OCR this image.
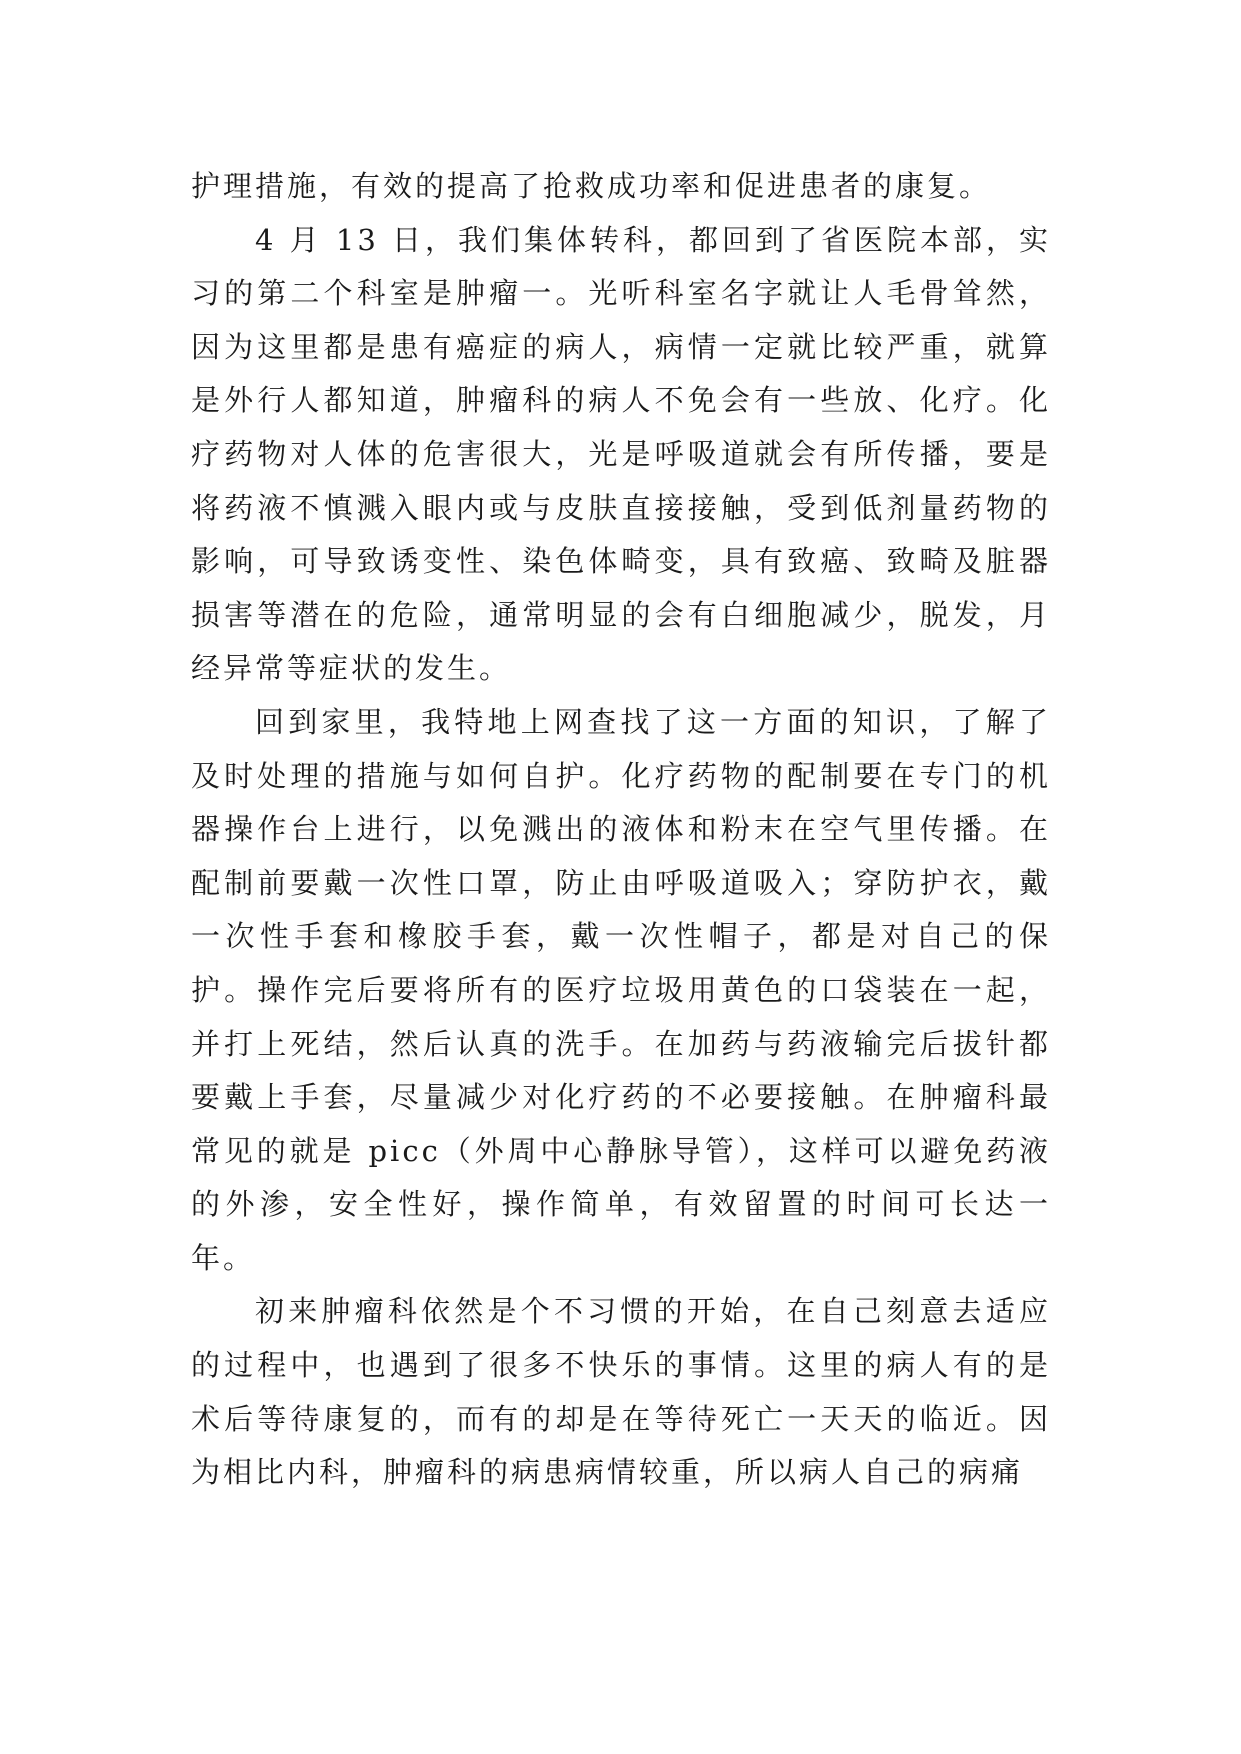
护理措施，有效的提高了抢救成功率和促进患者的康复。

4 月 13 日，我们集体转科，都回到了省医院本部，实习的第二个科室是肿瘤一。光听科室名字就让人毛骨耸然，因为这里都是患有癌症的病人，病情一定就比较严重，就算是外行人都知道，肿瘤科的病人不免会有一些放、化疗。化疗药物对人体的危害很大，光是呼吸道就会有所传播，要是将药液不慎溅入眼内或与皮肤直接接触，受到低剂量药物的影响，可导致诱变性、染色体畸变，具有致癌、致畸及脏器损害等潜在的危险，通常明显的会有白细胞减少，脱发，月经异常等症状的发生。

回到家里，我特地上网查找了这一方面的知识，了解了及时处理的措施与如何自护。化疗药物的配制要在专门的机器操作台上进行，以免溅出的液体和粉末在空气里传播。在配制前要戴一次性口罩，防止由呼吸道吸入；穿防护衣，戴一次性手套和橡胶手套，戴一次性帽子，都是对自己的保护。操作完后要将所有的医疗垃圾用黄色的口袋装在一起，并打上死结，然后认真的洗手。在加药与药液输完后拔针都要戴上手套，尽量减少对化疗药的不必要接触。在肿瘤科最常见的就是 picc（外周中心静脉导管），这样可以避免药液的外渗，安全性好，操作简单，有效留置的时间可长达一年。

初来肿瘤科依然是个不习惯的开始，在自己刻意去适应的过程中，也遇到了很多不快乐的事情。这里的病人有的是术后等待康复的，而有的却是在等待死亡一天天的临近。因为相比内科，肿瘤科的病患病情较重，所以病人自己的病痛
